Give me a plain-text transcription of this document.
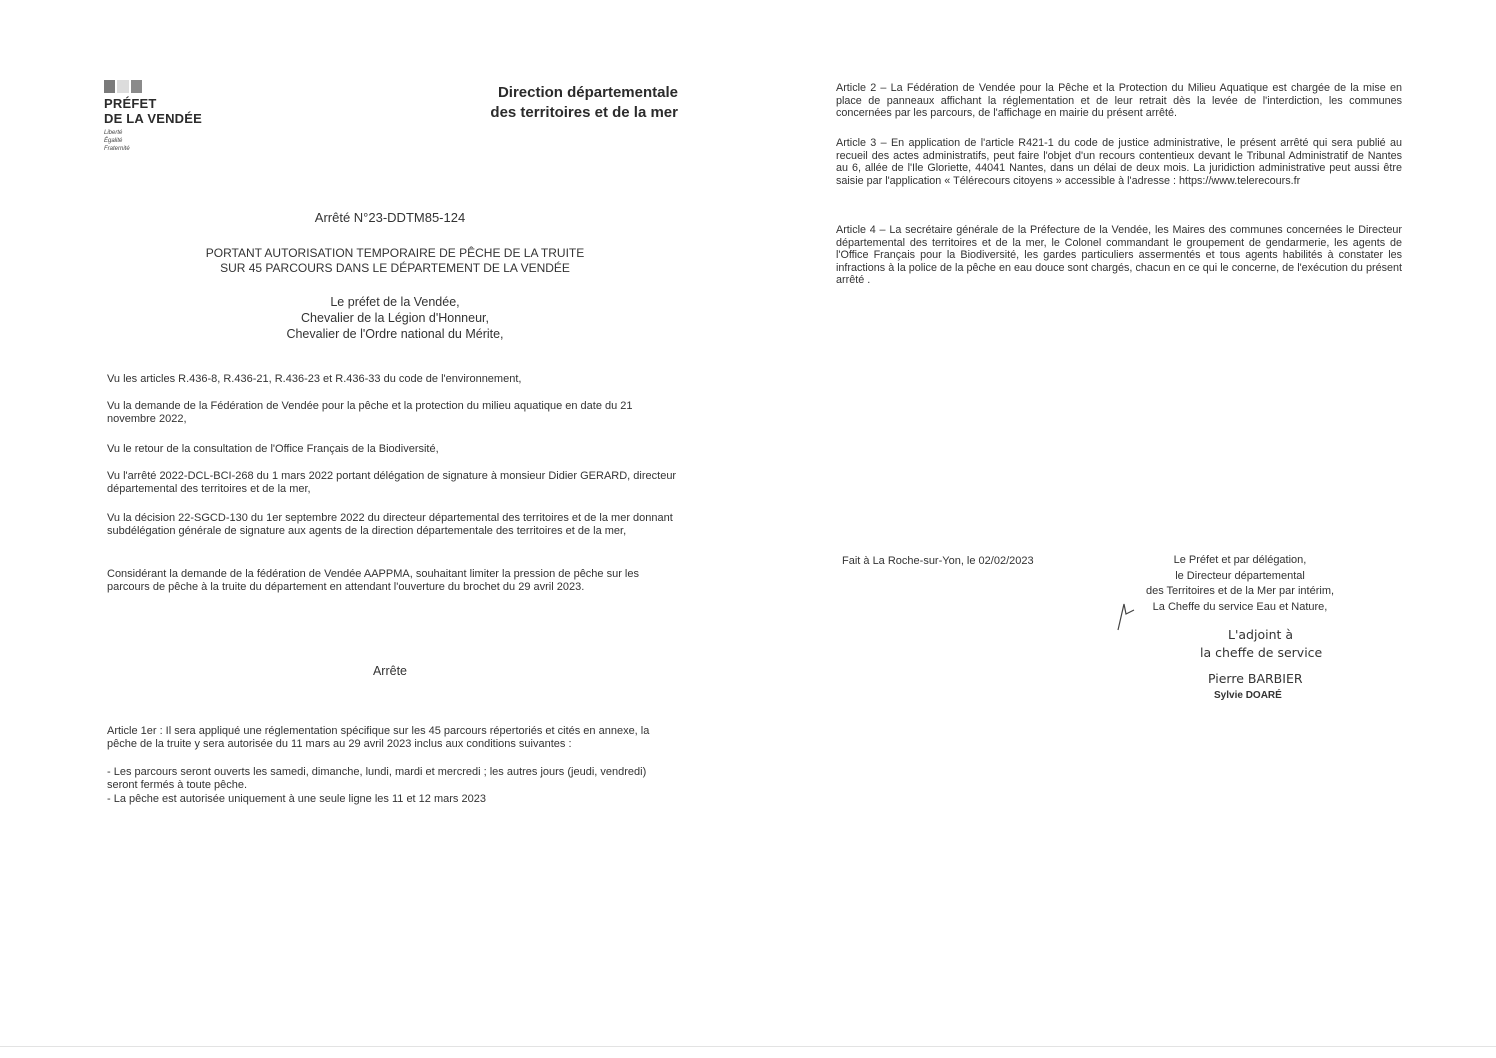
PRÉFET
DE LA VENDÉE
Liberté
Égalité
Fraternité
Direction départementale
des territoires et de la mer
Arrêté N°23-DDTM85-124
PORTANT AUTORISATION TEMPORAIRE DE PÊCHE DE LA TRUITE
SUR 45 PARCOURS DANS LE DÉPARTEMENT DE LA VENDÉE
Le préfet de la Vendée,
Chevalier de la Légion d'Honneur,
Chevalier de l'Ordre national du Mérite,

Vu les articles R.436-8, R.436-21, R.436-23 et R.436-33 du code de l'environnement,

Vu la demande de la Fédération de Vendée pour la pêche et la protection du milieu aquatique en date du 21 novembre 2022,

Vu le retour de la consultation de l'Office Français de la Biodiversité,

Vu l'arrêté 2022-DCL-BCI-268 du 1 mars 2022 portant délégation de signature à monsieur Didier GERARD, directeur départemental des territoires et de la mer,

Vu la décision 22-SGCD-130 du 1er septembre 2022 du directeur départemental des territoires et de la mer donnant subdélégation générale de signature aux agents de la direction départementale des territoires et de la mer,

Considérant la demande de la fédération de Vendée AAPPMA, souhaitant limiter la pression de pêche sur les parcours de pêche à la truite du département en attendant l'ouverture du brochet du 29 avril 2023.

Arrête

Article 1er : Il sera appliqué une réglementation spécifique sur les 45 parcours répertoriés et cités en annexe, la pêche de la truite y sera autorisée du 11 mars au 29 avril 2023 inclus aux conditions suivantes :

- Les parcours seront ouverts les samedi, dimanche, lundi, mardi et mercredi ; les autres jours (jeudi, vendredi) seront fermés à toute pêche.

- La pêche est autorisée uniquement à une seule ligne les 11 et 12 mars 2023

Article 2 – La Fédération de Vendée pour la Pêche et la Protection du Milieu Aquatique est chargée de la mise en place de panneaux affichant la réglementation et de leur retrait dès la levée de l'interdiction, les communes concernées par les parcours, de l'affichage en mairie du présent arrêté.

Article 3 – En application de l'article R421-1 du code de justice administrative, le présent arrêté qui sera publié au recueil des actes administratifs, peut faire l'objet d'un recours contentieux devant le Tribunal Administratif de Nantes au 6, allée de l'Ile Gloriette, 44041 Nantes, dans un délai de deux mois. La juridiction administrative peut aussi être saisie par l'application « Télérecours citoyens » accessible à l'adresse : https://www.telerecours.fr

Article 4 – La secrétaire générale de la Préfecture de la Vendée, les Maires des communes concernées le Directeur départemental des territoires et de la mer, le Colonel commandant le groupement de gendarmerie, les agents de l'Office Français pour la Biodiversité, les gardes particuliers assermentés et tous agents habilités à constater les infractions à la police de la pêche en eau douce sont chargés, chacun en ce qui le concerne, de l'exécution du présent arrêté .

Fait à La Roche-sur-Yon, le 02/02/2023	Le Préfet et par délégation,
le Directeur départemental
des Territoires et de la Mer par intérim,
La Cheffe du service Eau et Nature,
L'adjoint à
la cheffe de service
Pierre BARBIER
Sylvie DOARÉ
